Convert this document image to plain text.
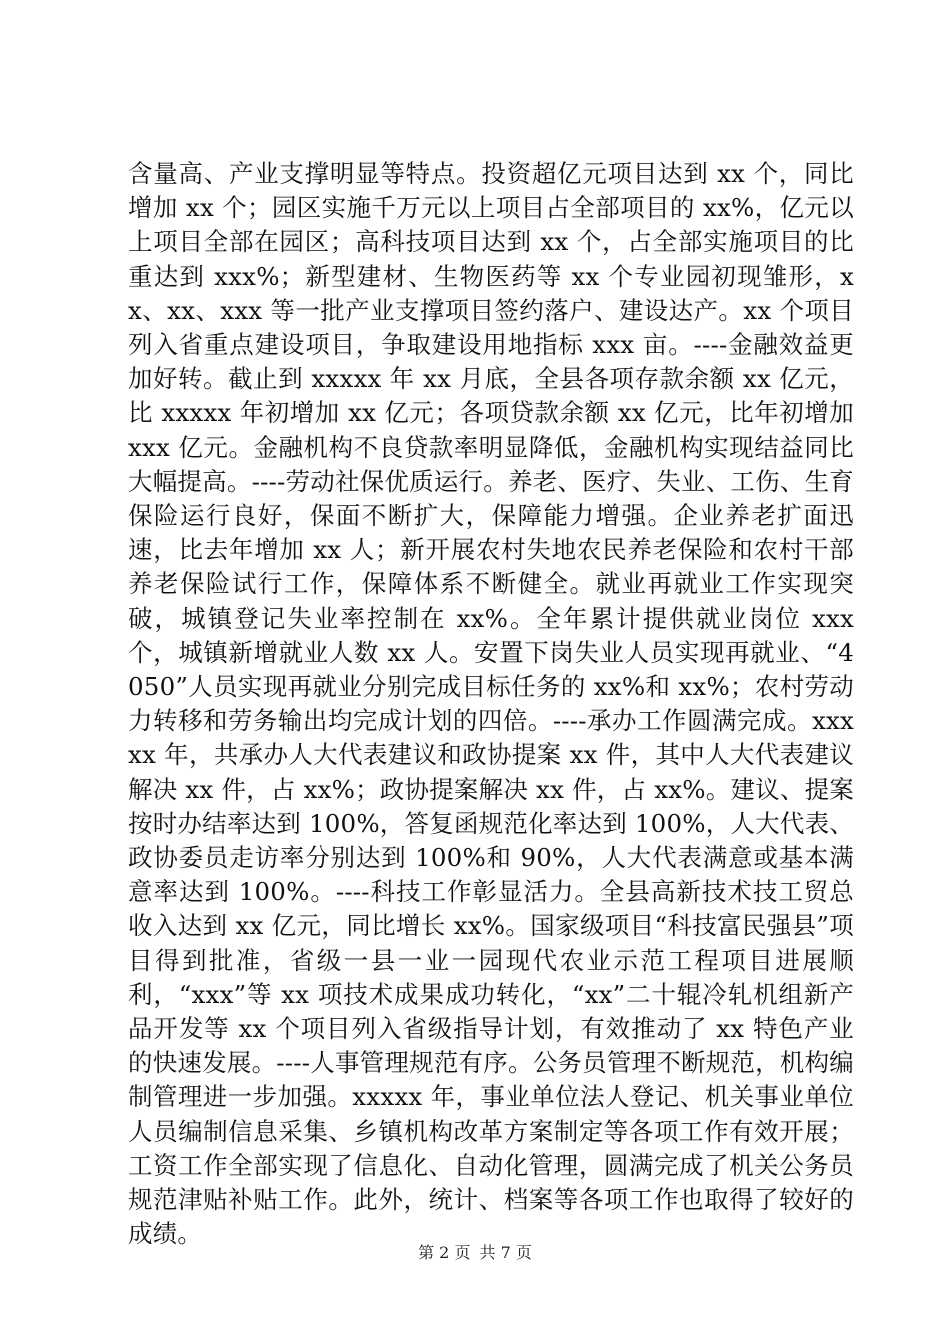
含量高、产业支撑明显等特点。投资超亿元项目达到 xx 个，同比增加 xx 个；园区实施千万元以上项目占全部项目的 xx%，亿元以上项目全部在园区；高科技项目达到 xx 个，占全部实施项目的比重达到 xxx%；新型建材、生物医药等 xx 个专业园初现雏形，xx、xx、xxx 等一批产业支撑项目签约落户、建设达产。xx 个项目列入省重点建设项目，争取建设用地指标 xxx 亩。----金融效益更加好转。截止到 xxxxx 年 xx 月底，全县各项存款余额 xx 亿元，比 xxxxx 年初增加 xx 亿元；各项贷款余额 xx 亿元，比年初增加 xxx 亿元。金融机构不良贷款率明显降低，金融机构实现结益同比大幅提高。----劳动社保优质运行。养老、医疗、失业、工伤、生育保险运行良好，保面不断扩大，保障能力增强。企业养老扩面迅速，比去年增加 xx 人；新开展农村失地农民养老保险和农村干部养老保险试行工作，保障体系不断健全。就业再就业工作实现突破，城镇登记失业率控制在 xx%。全年累计提供就业岗位 xxx 个，城镇新增就业人数 xx 人。安置下岗失业人员实现再就业、“4050”人员实现再就业分别完成目标任务的 xx%和 xx%；农村劳动力转移和劳务输出均完成计划的四倍。----承办工作圆满完成。xxxxx 年，共承办人大代表建议和政协提案 xx 件，其中人大代表建议解决 xx 件，占 xx%；政协提案解决 xx 件，占 xx%。建议、提案按时办结率达到 100%，答复函规范化率达到 100%，人大代表、政协委员走访率分别达到 100%和 90%，人大代表满意或基本满意率达到 100%。----科技工作彰显活力。全县高新技术技工贸总收入达到 xx 亿元，同比增长 xx%。国家级项目“科技富民强县”项目得到批准，省级一县一业一园现代农业示范工程项目进展顺利，“xxx”等 xx 项技术成果成功转化，“xx”二十辊冷轧机组新产品开发等 xx 个项目列入省级指导计划，有效推动了 xx 特色产业的快速发展。----人事管理规范有序。公务员管理不断规范，机构编制管理进一步加强。xxxxx 年，事业单位法人登记、机关事业单位人员编制信息采集、乡镇机构改革方案制定等各项工作有效开展；工资工作全部实现了信息化、自动化管理，圆满完成了机关公务员规范津贴补贴工作。此外，统计、档案等各项工作也取得了较好的成绩。
第 2 页 共 7 页
